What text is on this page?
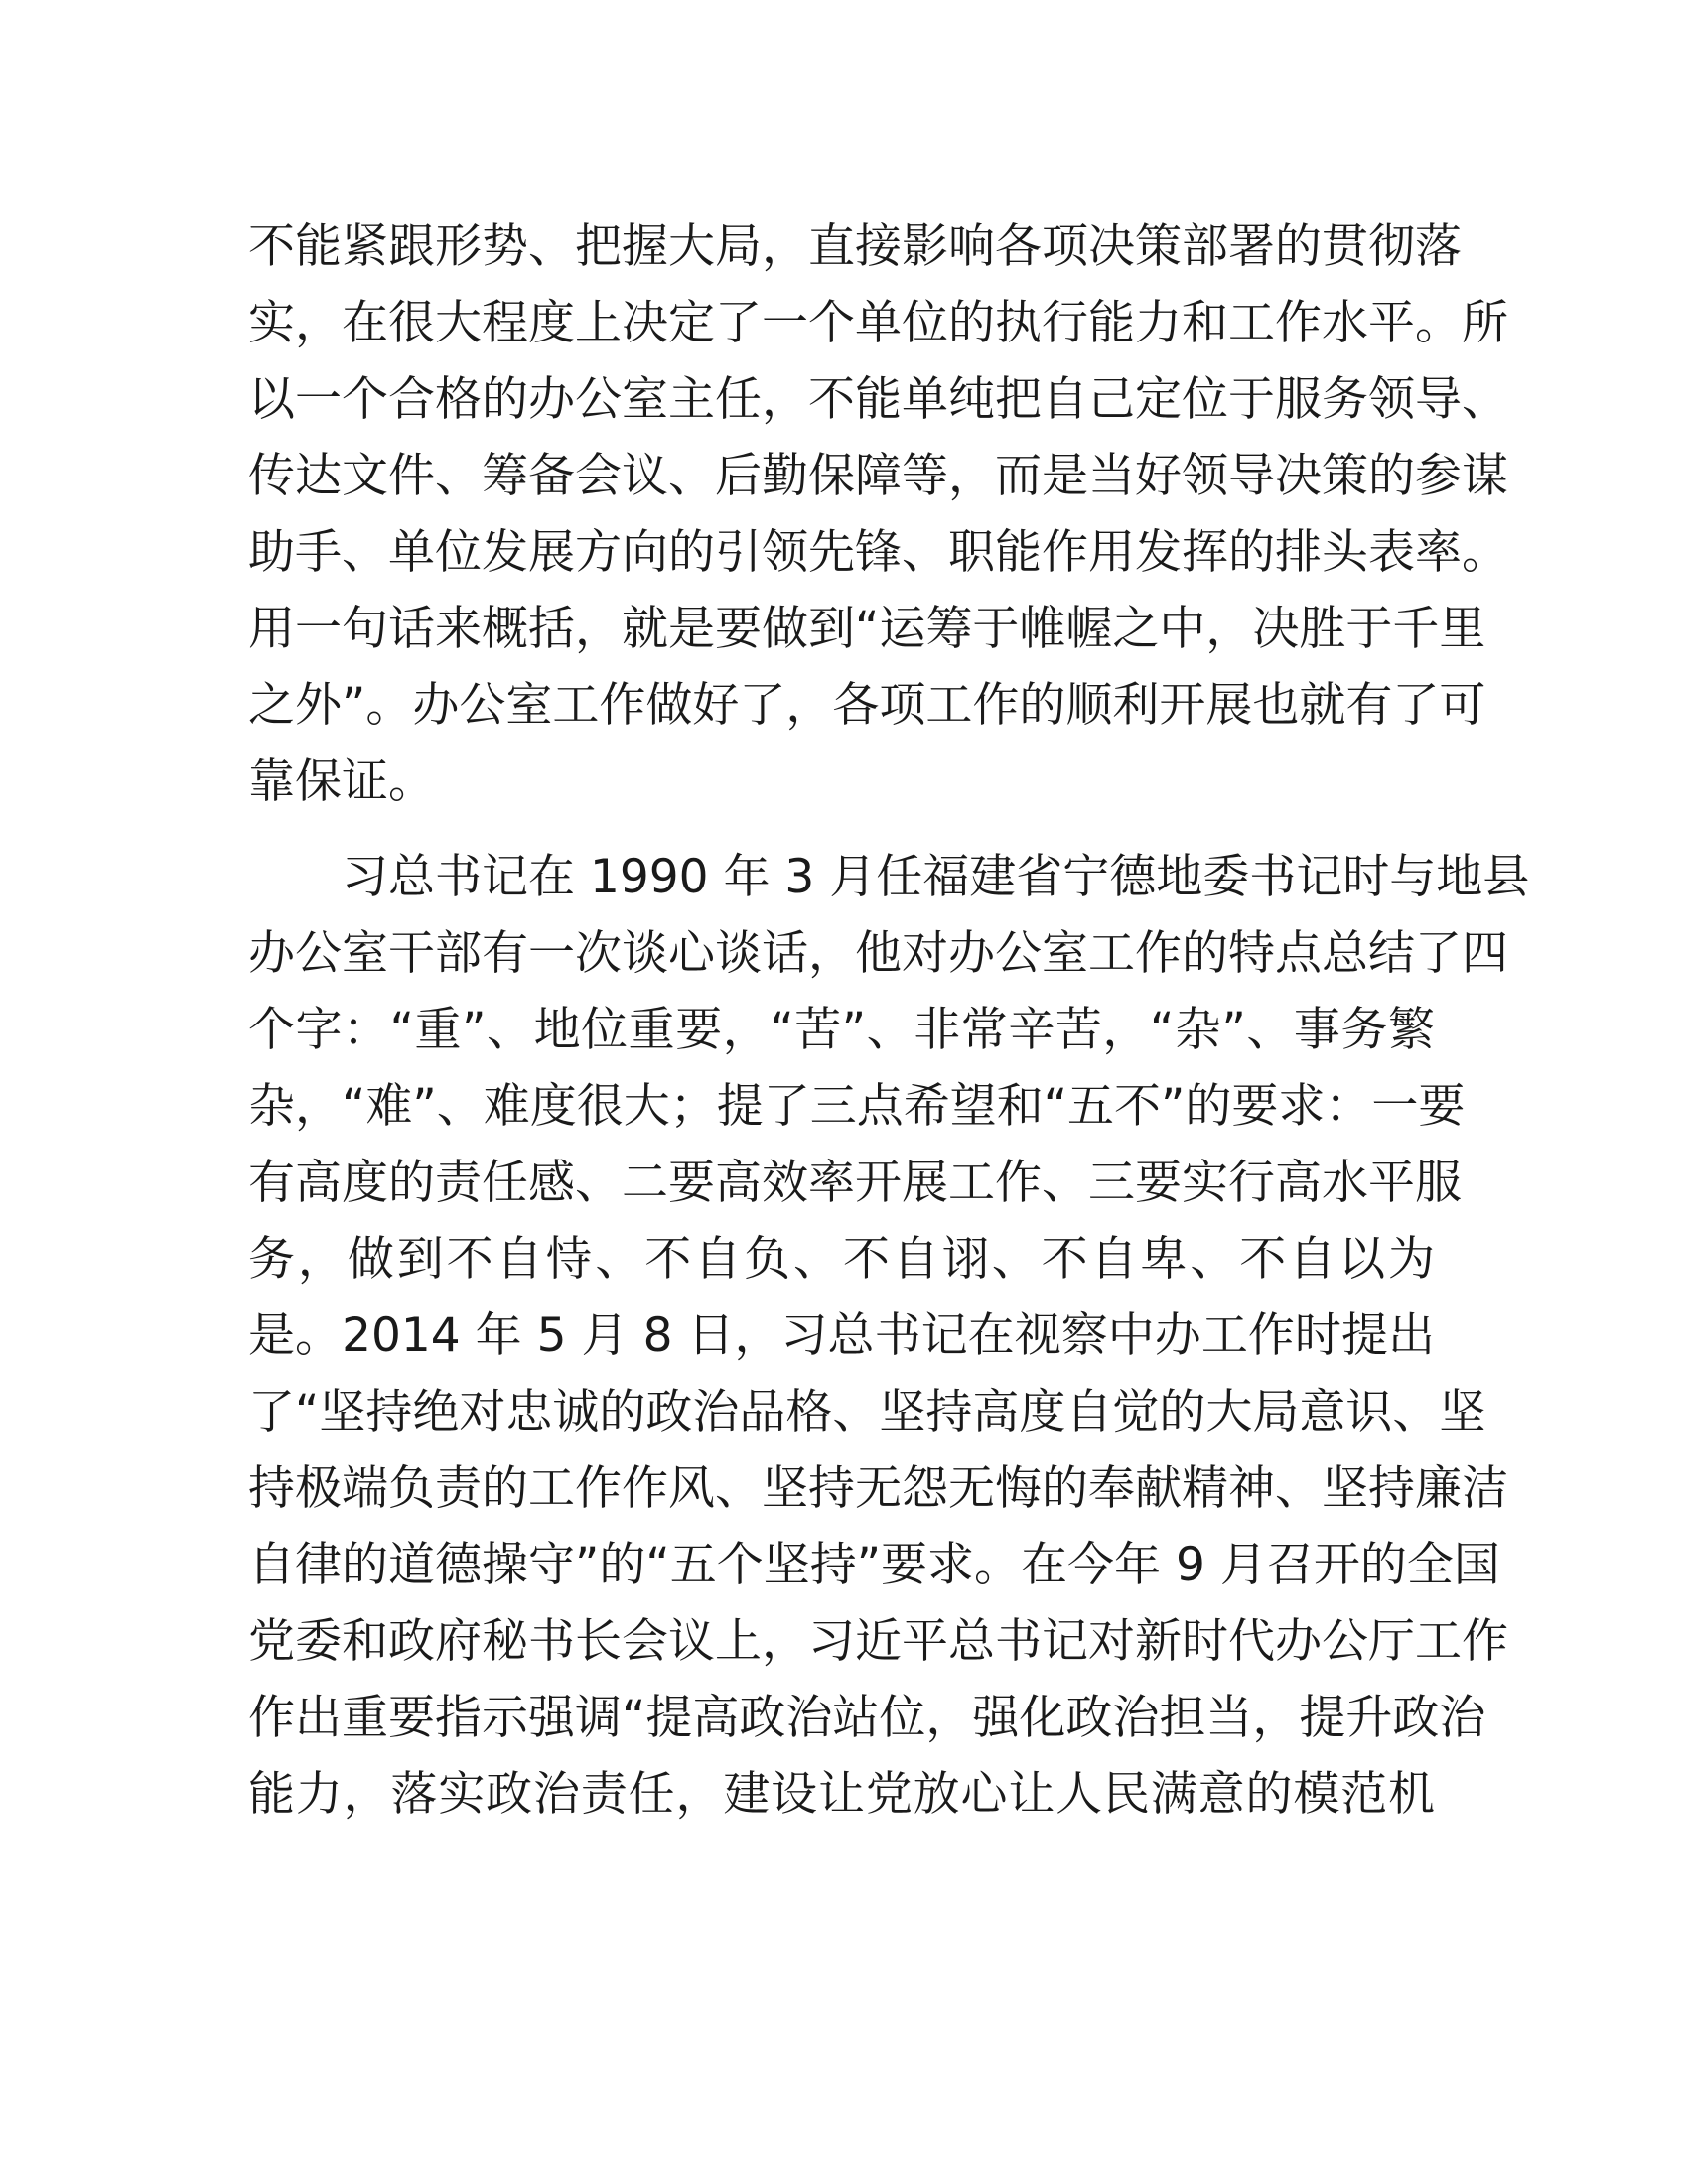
不能紧跟形势、把握大局，直接影响各项决策部署的贯彻落
实，在很大程度上决定了一个单位的执行能力和工作水平。所
以一个合格的办公室主任，不能单纯把自己定位于服务领导、
传达文件、筹备会议、后勤保障等，而是当好领导决策的参谋
助手、单位发展方向的引领先锋、职能作用发挥的排头表率。
用一句话来概括，就是要做到“运筹于帷幄之中，决胜于千里
之外”。办公室工作做好了，各项工作的顺利开展也就有了可
靠保证。
习总书记在 1990 年 3 月任福建省宁德地委书记时与地县
办公室干部有一次谈心谈话，他对办公室工作的特点总结了四
个字：“重”、地位重要，“苦”、非常辛苦，“杂”、事务繁
杂，“难”、难度很大；提了三点希望和“五不”的要求：一要
有高度的责任感、二要高效率开展工作、三要实行高水平服
务，做到不自恃、不自负、不自诩、不自卑、不自以为
是。2014 年 5 月 8 日，习总书记在视察中办工作时提出
了“坚持绝对忠诚的政治品格、坚持高度自觉的大局意识、坚
持极端负责的工作作风、坚持无怨无悔的奉献精神、坚持廉洁
自律的道德操守”的“五个坚持”要求。在今年 9 月召开的全国
党委和政府秘书长会议上，习近平总书记对新时代办公厅工作
作出重要指示强调“提高政治站位，强化政治担当，提升政治
能力，落实政治责任，建设让党放心让人民满意的模范机
